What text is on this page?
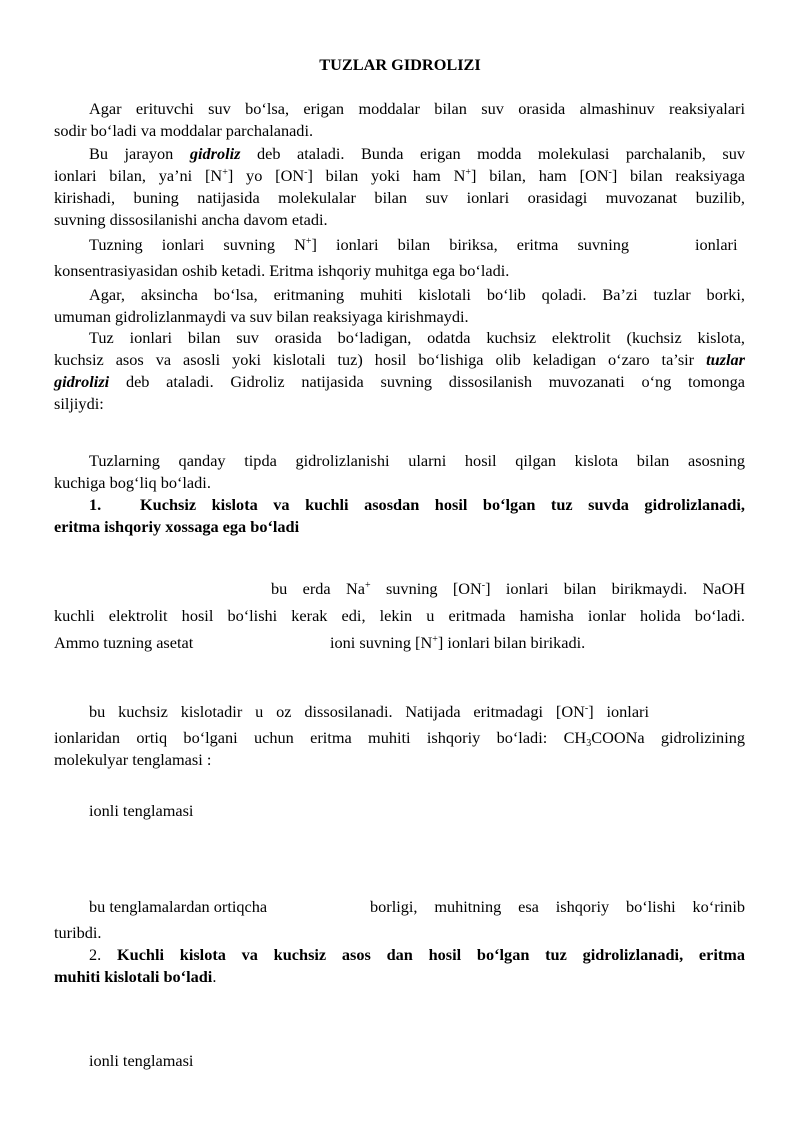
TUZLAR GIDROLIZI
Agar erituvchi suv bo‘lsa, erigan moddalar bilan suv orasida almashinuv reaksiyalari
sodir bo‘ladi va moddalar parchalanadi.
Bu jarayon gidroliz deb ataladi. Bunda erigan modda molekulasi parchalanib, suv
ionlari bilan, ya’ni [N+] yo [ON-] bilan yoki ham N+] bilan, ham [ON-] bilan reaksiyaga
kirishadi, buning natijasida molekulalar bilan suv ionlari orasidagi muvozanat buzilib,
suvning dissosilanishi ancha davom etadi.
Tuzning ionlari suvning N+] ionlari bilan biriksa, eritma suvning	ionlari
konsentrasiyasidan oshib ketadi. Eritma ishqoriy muhitga ega bo‘ladi.
Agar, aksincha bo‘lsa, eritmaning muhiti kislotali bo‘lib qoladi. Ba’zi tuzlar borki,
umuman gidrolizlanmaydi va suv bilan reaksiyaga kirishmaydi.
Tuz ionlari bilan suv orasida bo‘ladigan, odatda kuchsiz elektrolit (kuchsiz kislota,
kuchsiz asos va asosli yoki kislotali tuz) hosil bo‘lishiga olib keladigan o‘zaro ta’sir tuzlar
gidrolizi deb ataladi. Gidroliz natijasida suvning dissosilanish muvozanati o‘ng tomonga
siljiydi:
Tuzlarning qanday tipda gidrolizlanishi ularni hosil qilgan kislota bilan asosning
kuchiga bog‘liq bo‘ladi.
1. Kuchsiz kislota va kuchli asosdan hosil bo‘lgan tuz suvda gidrolizlanadi,
eritma ishqoriy xossaga ega bo‘ladi
bu erda Na+ suvning [ON-] ionlari bilan birikmaydi. NaOH
kuchli elektrolit hosil bo‘lishi kerak edi, lekin u eritmada hamisha ionlar holida bo‘ladi.
Ammo tuzning asetat	ioni suvning [N+] ionlari bilan birikadi.
bu kuchsiz kislotadir u oz dissosilanadi. Natijada eritmadagi [ON-] ionlari
ionlaridan ortiq bo‘lgani uchun eritma muhiti ishqoriy bo‘ladi: $CH_3COONa$ gidrolizining
molekulyar tenglamasi :
ionli tenglamasi
bu tenglamalardan ortiqcha	borligi, muhitning esa ishqoriy bo‘lishi ko‘rinib
turibdi.
2. Kuchli kislota va kuchsiz asos dan hosil bo‘lgan tuz gidrolizlanadi, eritma
muhiti kislotali bo‘ladi.
ionli tenglamasi
